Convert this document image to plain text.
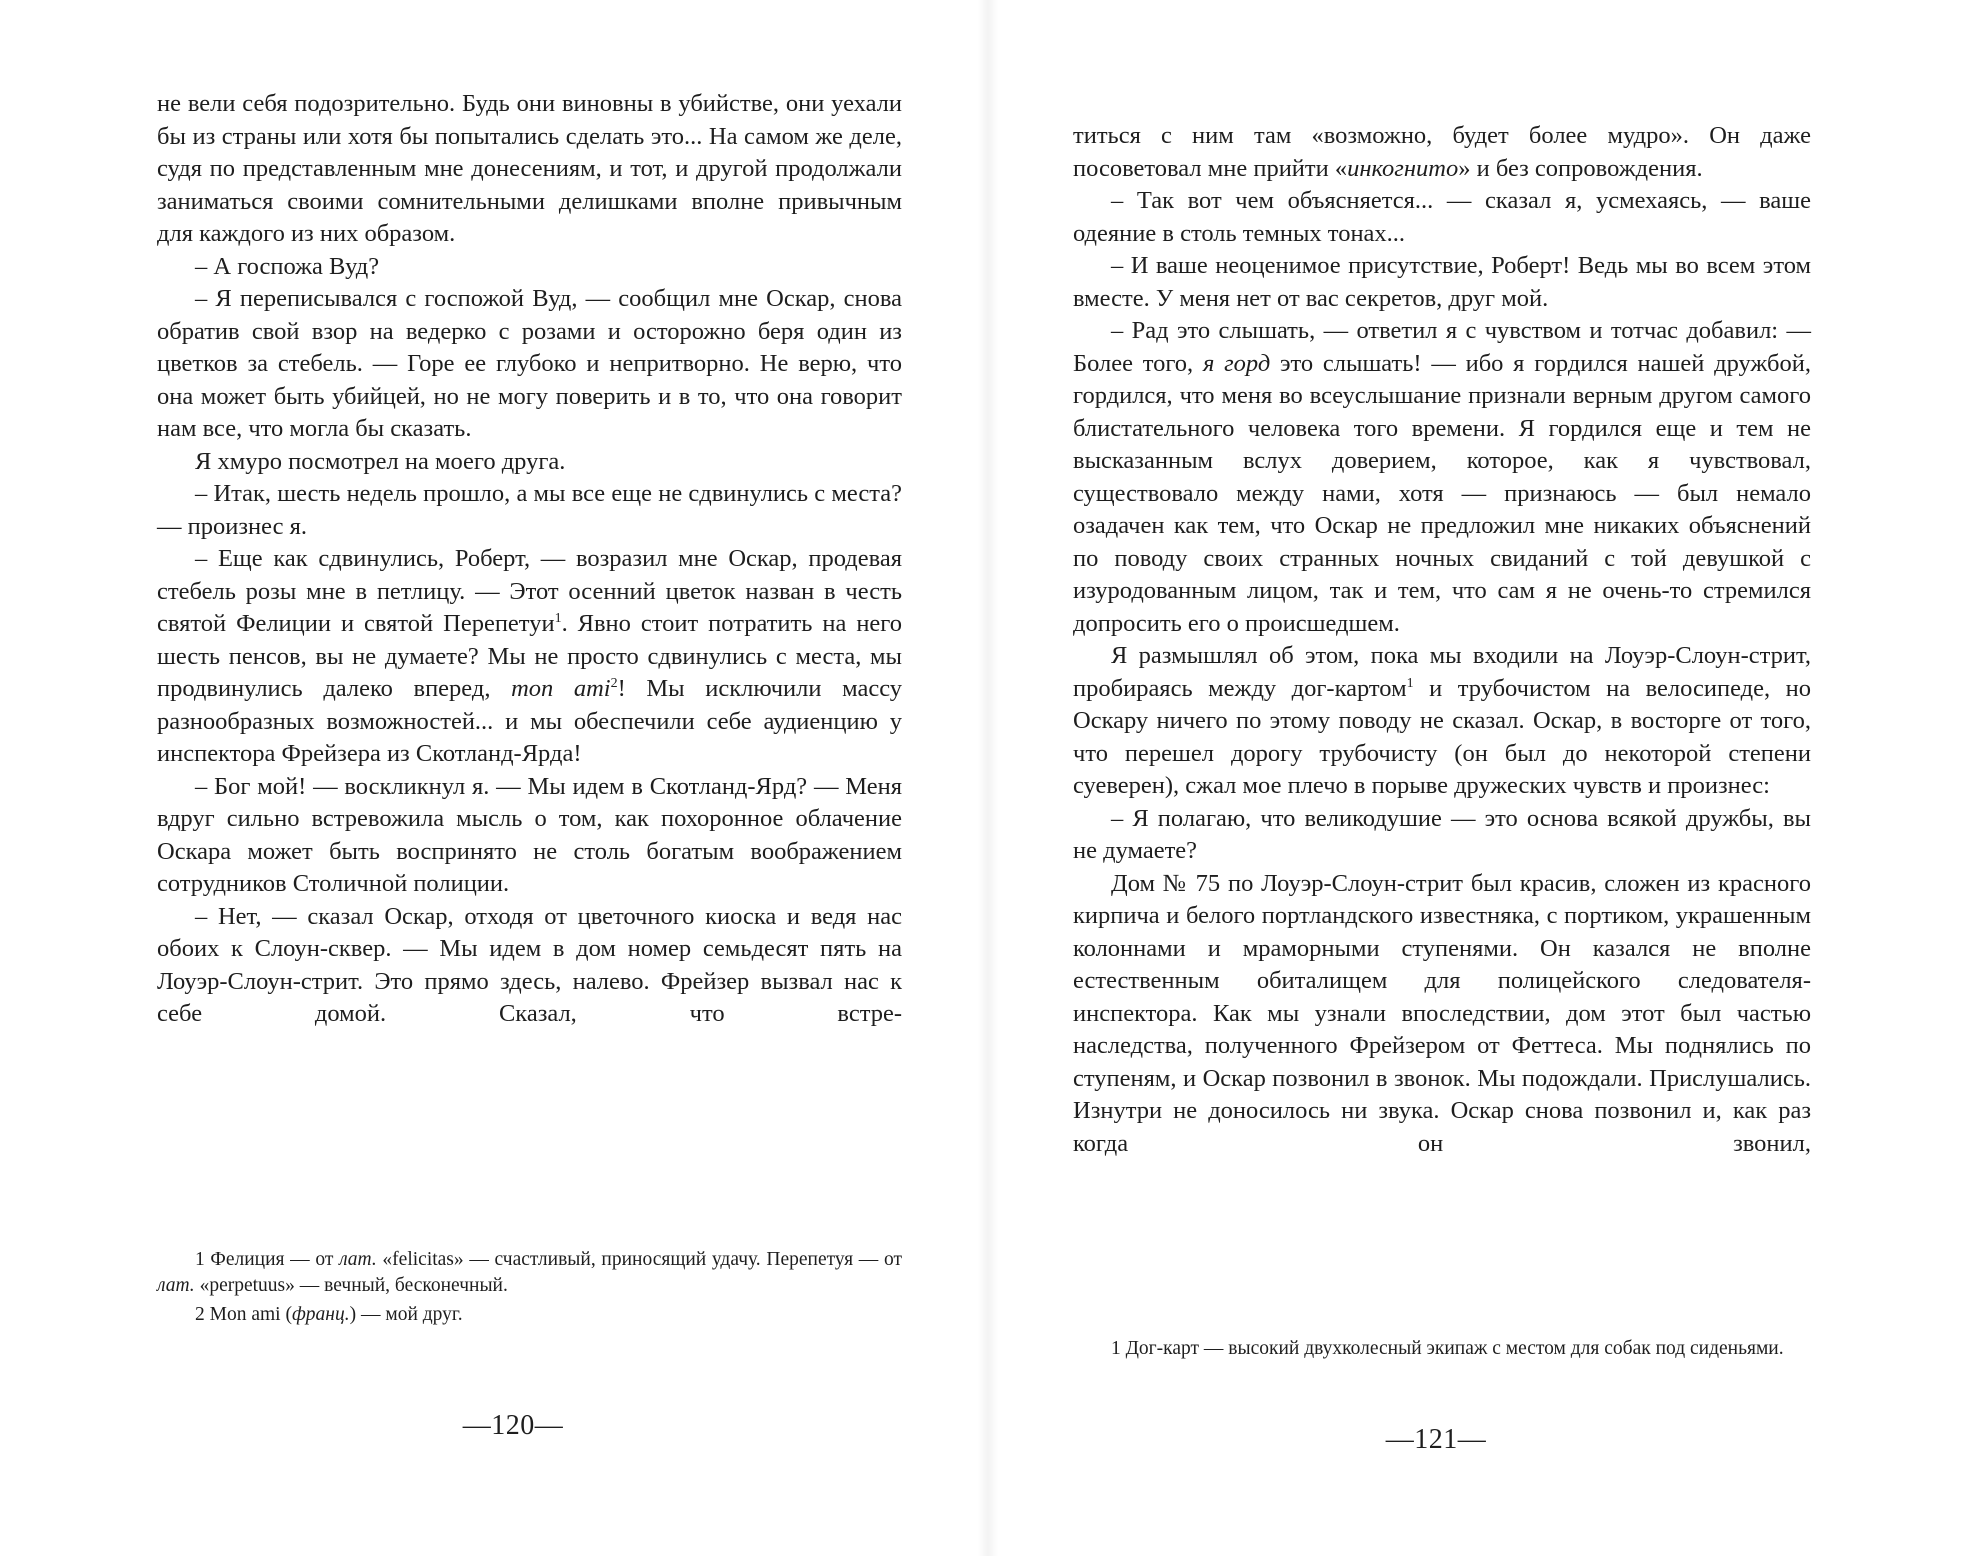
не вели себя подозрительно. Будь они виновны в убийстве, они уехали бы из страны или хотя бы попытались сделать это... На самом же деле, судя по представленным мне донесениям, и тот, и другой продолжали заниматься своими сомнительными делишками вполне привычным для каждого из них образом.

– А госпожа Вуд?

– Я переписывался с госпожой Вуд, — сообщил мне Оскар, снова обратив свой взор на ведерко с розами и осторожно беря один из цветков за стебель. — Горе ее глубоко и непритворно. Не верю, что она может быть убийцей, но не могу поверить и в то, что она говорит нам все, что могла бы сказать.

Я хмуро посмотрел на моего друга.

– Итак, шесть недель прошло, а мы все еще не сдвинулись с места? — произнес я.

– Еще как сдвинулись, Роберт, — возразил мне Оскар, продевая стебель розы мне в петлицу. — Этот осенний цветок назван в честь святой Фелиции и святой Перепетуи$^1$. Явно стоит потратить на него шесть пенсов, вы не думаете? Мы не просто сдвинулись с места, мы продвинулись далеко вперед, mon ami$^2$! Мы исключили массу разнообразных возможностей... и мы обеспечили себе аудиенцию у инспектора Фрейзера из Скотланд-Ярда!

– Бог мой! — воскликнул я. — Мы идем в Скотланд-Ярд? — Меня вдруг сильно встревожила мысль о том, как похоронное облачение Оскара может быть воспринято не столь богатым воображением сотрудников Столичной полиции.

– Нет, — сказал Оскар, отходя от цветочного киоска и ведя нас обоих к Слоун-сквер. — Мы идем в дом номер семьдесят пять на Лоуэр-Слоун-стрит. Это прямо здесь, налево. Фрейзер вызвал нас к себе домой. Сказал, что встре-

1 Фелиция — от лат. «felicitas» — счастливый, приносящий удачу. Перепетуя — от лат. «perpetuus» — вечный, бесконечный.

2 Mon ami (франц.) — мой друг.

—120—

титься с ним там «возможно, будет более мудро». Он даже посоветовал мне прийти «инкогнито» и без сопровождения.

– Так вот чем объясняется... — сказал я, усмехаясь, — ваше одеяние в столь темных тонах...

– И ваше неоценимое присутствие, Роберт! Ведь мы во всем этом вместе. У меня нет от вас секретов, друг мой.

– Рад это слышать, — ответил я с чувством и тотчас добавил: — Более того, я горд это слышать! — ибо я гордился нашей дружбой, гордился, что меня во всеуслышание признали верным другом самого блистательного человека того времени. Я гордился еще и тем не высказанным вслух доверием, которое, как я чувствовал, существовало между нами, хотя — признаюсь — был немало озадачен как тем, что Оскар не предложил мне никаких объяснений по поводу своих странных ночных свиданий с той девушкой с изуродованным лицом, так и тем, что сам я не очень-то стремился допросить его о происшедшем.

Я размышлял об этом, пока мы входили на Лоуэр-Слоун-стрит, пробираясь между дог-картом$^1$ и трубочистом на велосипеде, но Оскару ничего по этому поводу не сказал. Оскар, в восторге от того, что перешел дорогу трубочисту (он был до некоторой степени суеверен), сжал мое плечо в порыве дружеских чувств и произнес:

– Я полагаю, что великодушие — это основа всякой дружбы, вы не думаете?

Дом № 75 по Лоуэр-Слоун-стрит был красив, сложен из красного кирпича и белого портландского известняка, с портиком, украшенным колоннами и мраморными ступенями. Он казался не вполне естественным обиталищем для полицейского следователя-инспектора. Как мы узнали впоследствии, дом этот был частью наследства, полученного Фрейзером от Феттеса. Мы поднялись по ступеням, и Оскар позвонил в звонок. Мы подождали. Прислушались. Изнутри не доносилось ни звука. Оскар снова позвонил и, как раз когда он звонил,

1 Дог-карт — высокий двухколесный экипаж с местом для собак под сиденьями.

—121—
